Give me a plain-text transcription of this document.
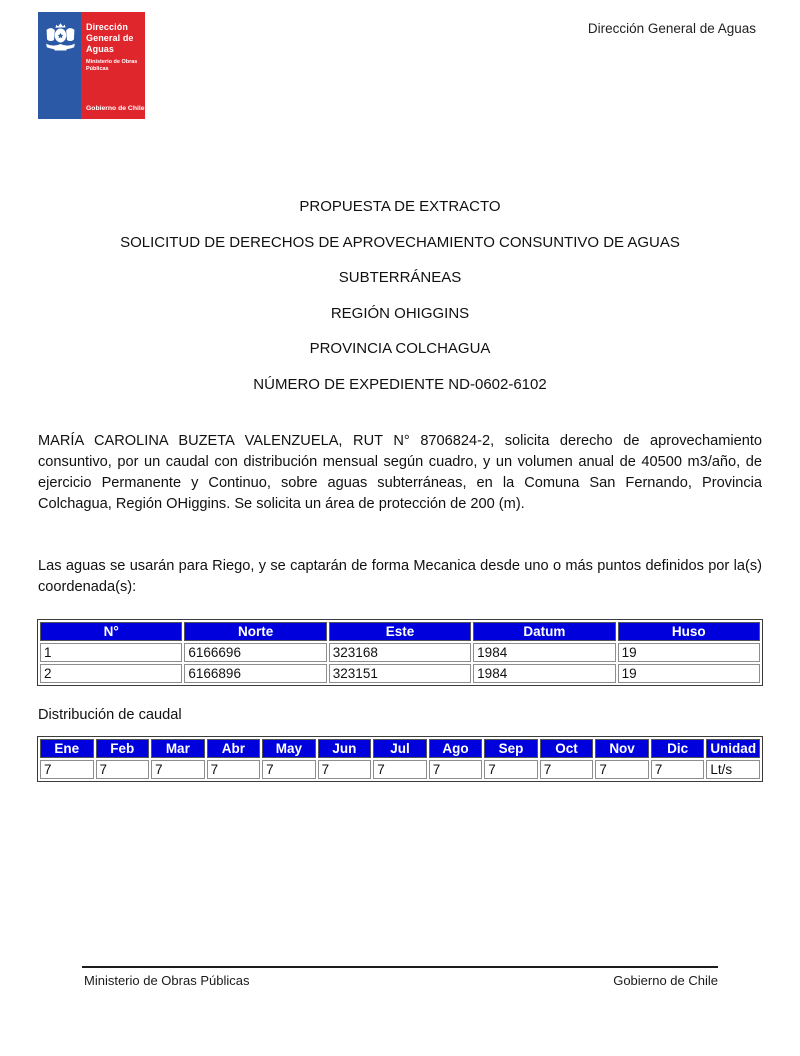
Dirección
General de
Aguas
Ministerio de Obras
Públicas
Gobierno de Chile
Dirección General de Aguas
PROPUESTA DE EXTRACTO
SOLICITUD DE DERECHOS DE APROVECHAMIENTO CONSUNTIVO DE AGUAS
SUBTERRÁNEAS
REGIÓN OHIGGINS
PROVINCIA COLCHAGUA
NÚMERO DE EXPEDIENTE ND-0602-6102

MARÍA CAROLINA BUZETA VALENZUELA, RUT N° 8706824-2, solicita derecho de aprovechamiento consuntivo, por un caudal con distribución mensual según cuadro, y un volumen anual de 40500 m3/año, de ejercicio Permanente y Continuo, sobre aguas subterráneas, en la Comuna San Fernando, Provincia Colchagua, Región OHiggins. Se solicita un área de protección de 200 (m).

Las aguas se usarán para Riego, y se captarán de forma Mecanica desde uno o más puntos definidos por la(s) coordenada(s):

N°	Norte	Este	Datum	Huso
1	6166696	323168	1984	19
2	6166896	323151	1984	19
Distribución de caudal
Ene	Feb	Mar	Abr	May	Jun	Jul	Ago	Sep	Oct	Nov	Dic	Unidad
7	7	7	7	7	7	7	7	7	7	7	7	Lt/s
Ministerio de Obras Públicas	Gobierno de Chile
